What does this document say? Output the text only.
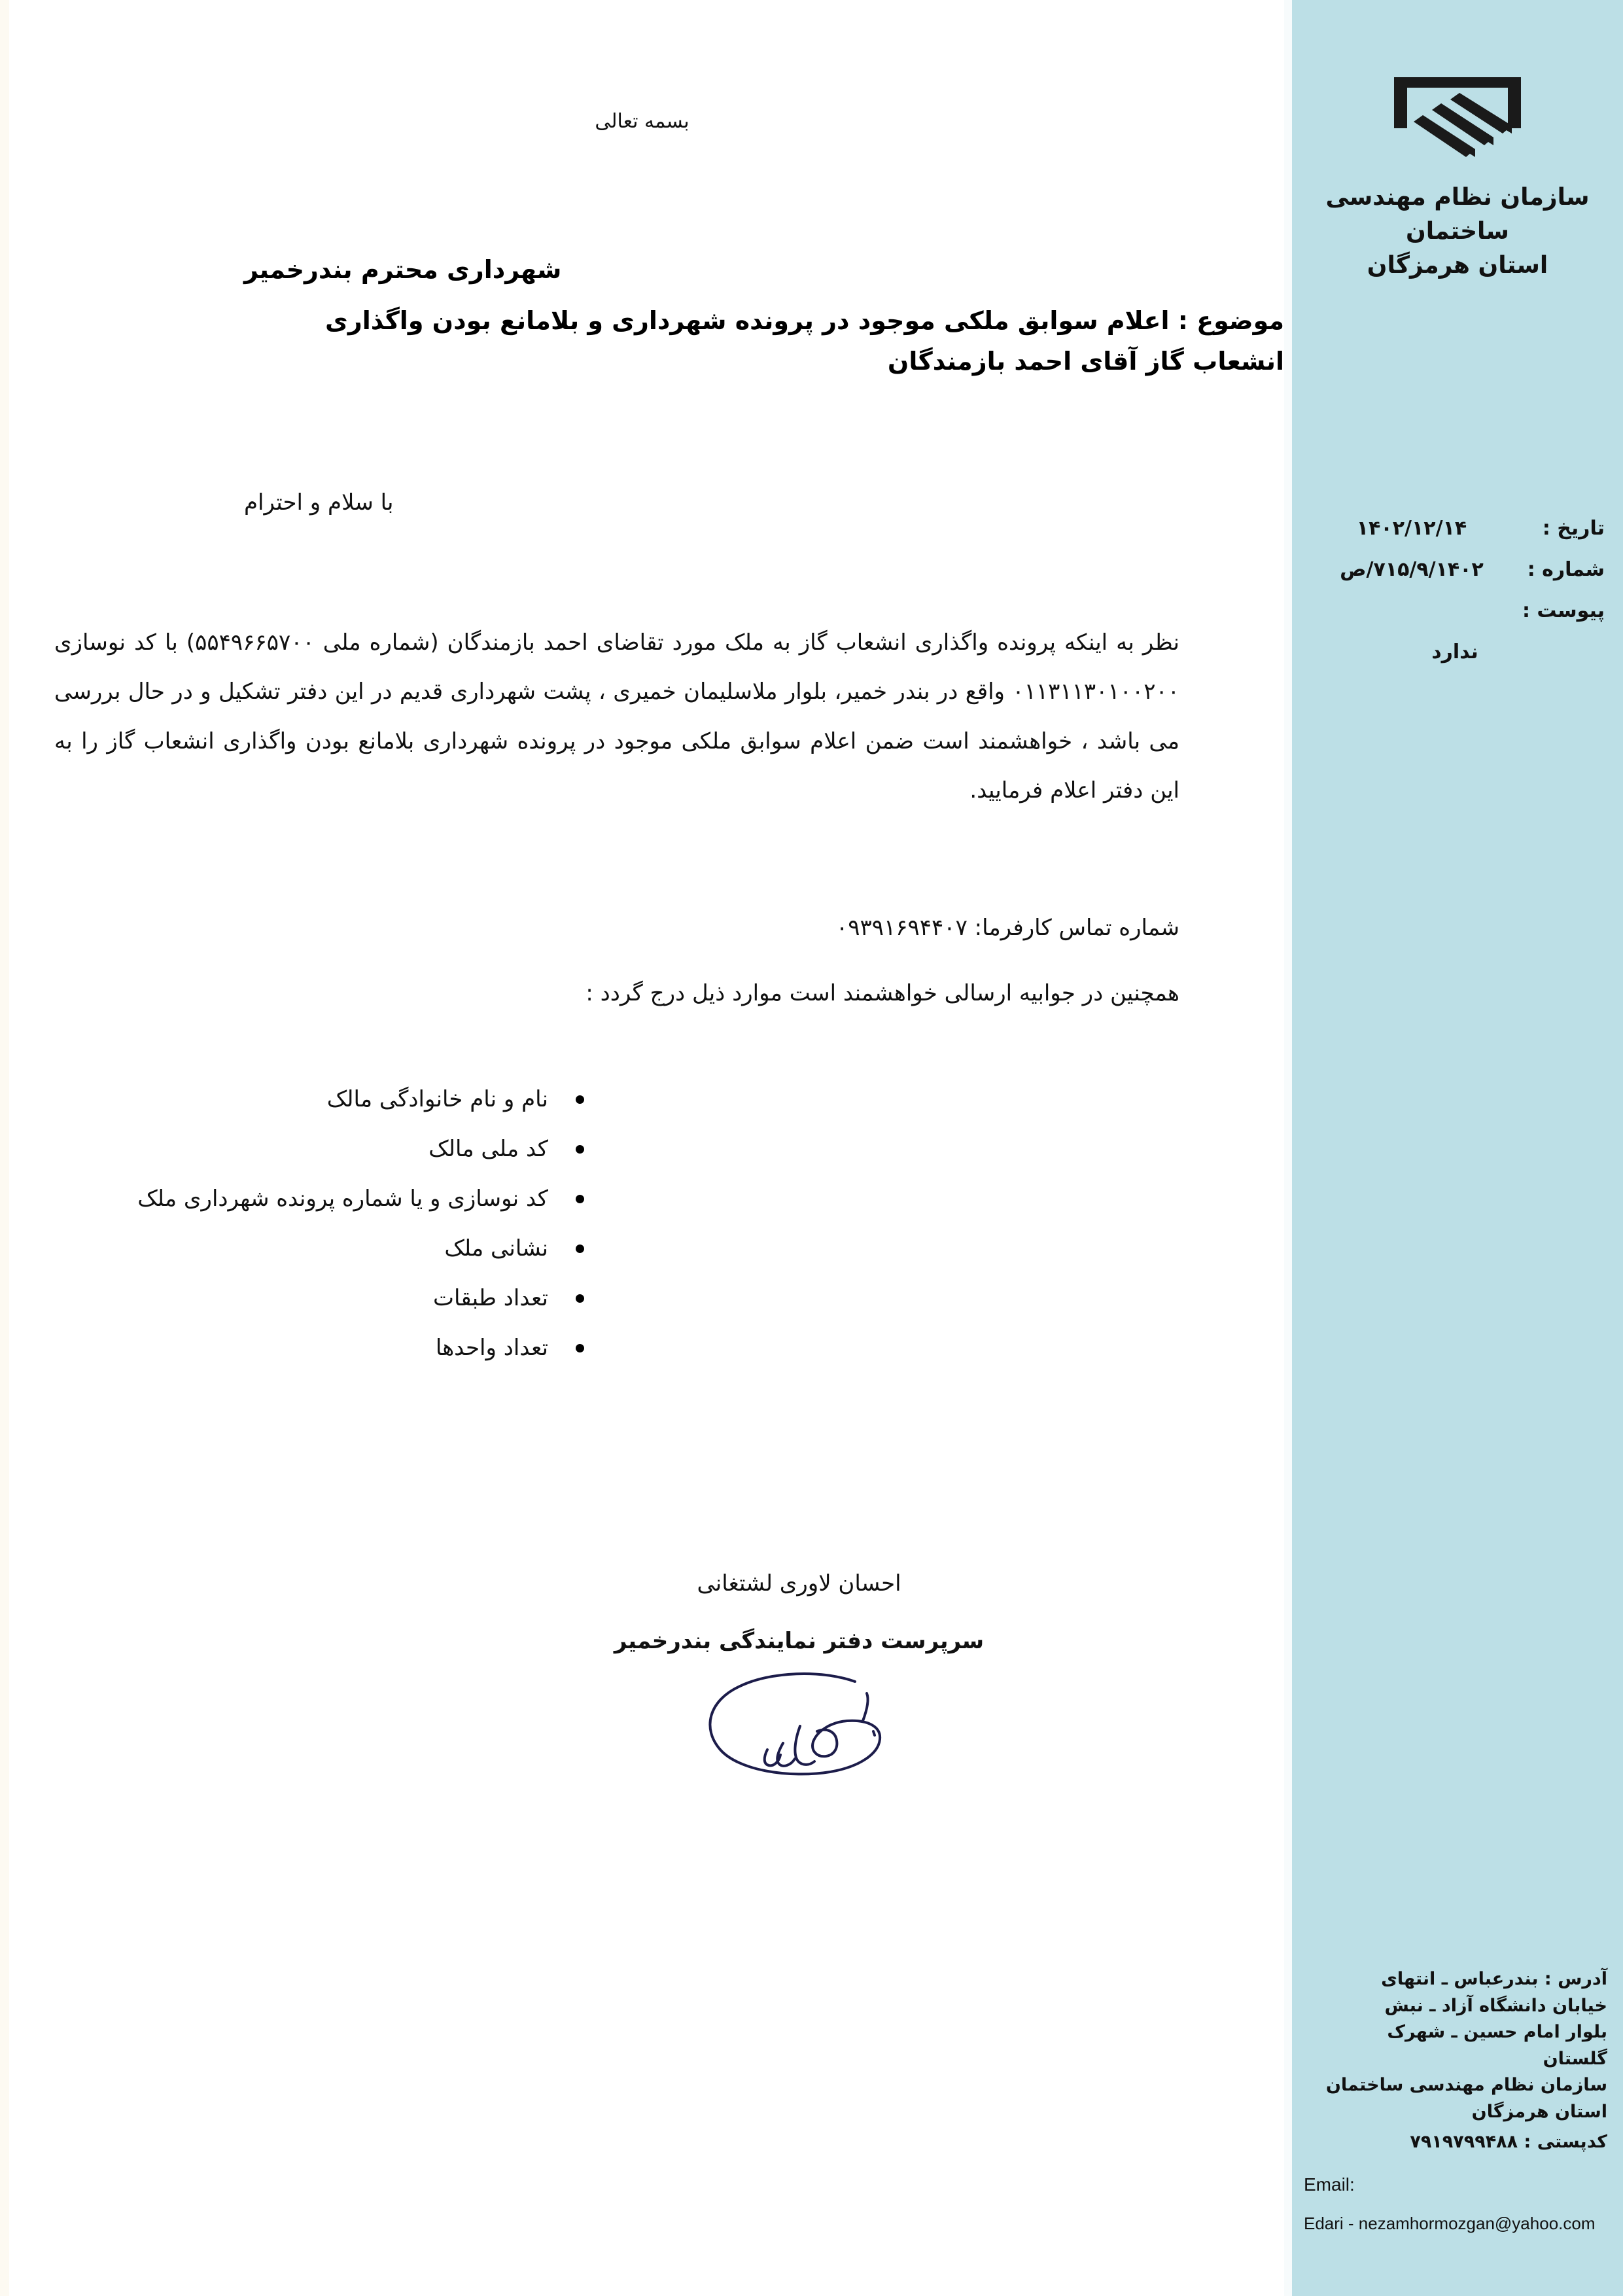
سازمان نظام مهندسی ساختمان
استان هرمزگان
تاریخ :
۱۴۰۲/۱۲/۱۴
شماره :
۷۱۵/۹/۱۴۰۲/ص
پیوست :
ندارد
آدرس : بندرعباس ـ انتهای
خیابان دانشگاه آزاد ـ نبش
بلوار امام حسین ـ شهرک
گلستان
سازمان نظام مهندسی ساختمان
استان هرمزگان
کدپستی : ۷۹۱۹۷۹۹۴۸۸
Email:
Edari - nezamhormozgan@yahoo.com
بسمه تعالی
شهرداری محترم بندرخمیر
موضوع : اعلام سوابق ملکی موجود در پرونده شهرداری و بلامانع بودن واگذاری انشعاب گاز آقای احمد بازمندگان
با سلام و احترام
نظر به اینکه پرونده واگذاری انشعاب گاز به ملک مورد تقاضای احمد بازمندگان (شماره ملی ۵۵۴۹۶۶۵۷۰۰) با کد نوسازی ۰۱۱۳۱۱۳۰۱۰۰۲۰۰ واقع در بندر خمیر، بلوار ملاسلیمان خمیری ، پشت شهرداری قدیم در این دفتر تشکیل و در حال بررسی می باشد ، خواهشمند است ضمن اعلام سوابق ملکی موجود در پرونده شهرداری بلامانع بودن واگذاری انشعاب گاز را به این دفتر اعلام فرمایید.
شماره تماس کارفرما: ۰۹۳۹۱۶۹۴۴۰۷
همچنین در جوابیه ارسالی خواهشمند است موارد ذیل درج گردد :
نام و نام خانوادگی مالک
کد ملی مالک
کد نوسازی و یا شماره پرونده شهرداری ملک
نشانی ملک
تعداد طبقات
تعداد واحدها
احسان لاوری لشتغانی
سرپرست دفتر نمایندگی بندرخمیر
